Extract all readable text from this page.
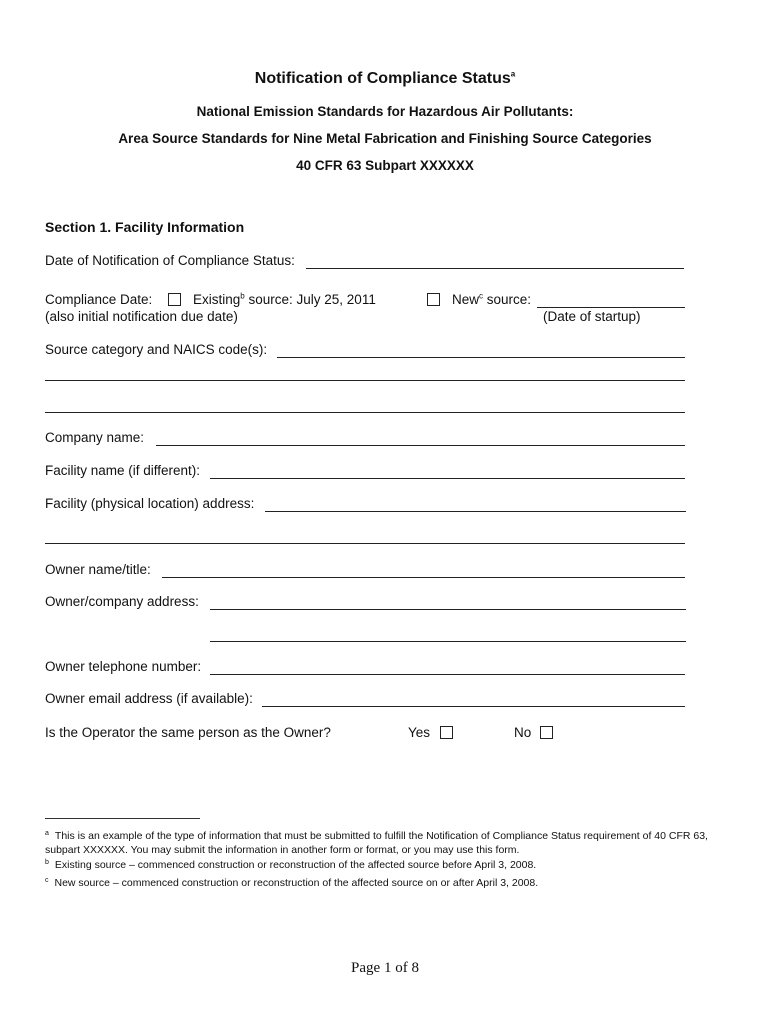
Notification of Compliance Status$^a$
National Emission Standards for Hazardous Air Pollutants:
Area Source Standards for Nine Metal Fabrication and Finishing Source Categories
40 CFR 63 Subpart XXXXXX
Section 1. Facility Information
Date of Notification of Compliance Status:
Compliance Date:	Existing$^b$ source: July 25, 2011
(also initial notification due date)
New$^c$ source:
(Date of startup)
Source category and NAICS code(s):
Company name:
Facility name (if different):
Facility (physical location) address:
Owner name/title:
Owner/company address:
Owner telephone number:
Owner email address (if available):
Is the Operator the same person as the Owner?	Yes	No
$^a$ This is an example of the type of information that must be submitted to fulfill the Notification of Compliance Status requirement of 40 CFR 63, subpart XXXXXX. You may submit the information in another form or format, or you may use this form.
$^b$ Existing source – commenced construction or reconstruction of the affected source before April 3, 2008.
$^c$ New source – commenced construction or reconstruction of the affected source on or after April 3, 2008.
Page 1 of 8
